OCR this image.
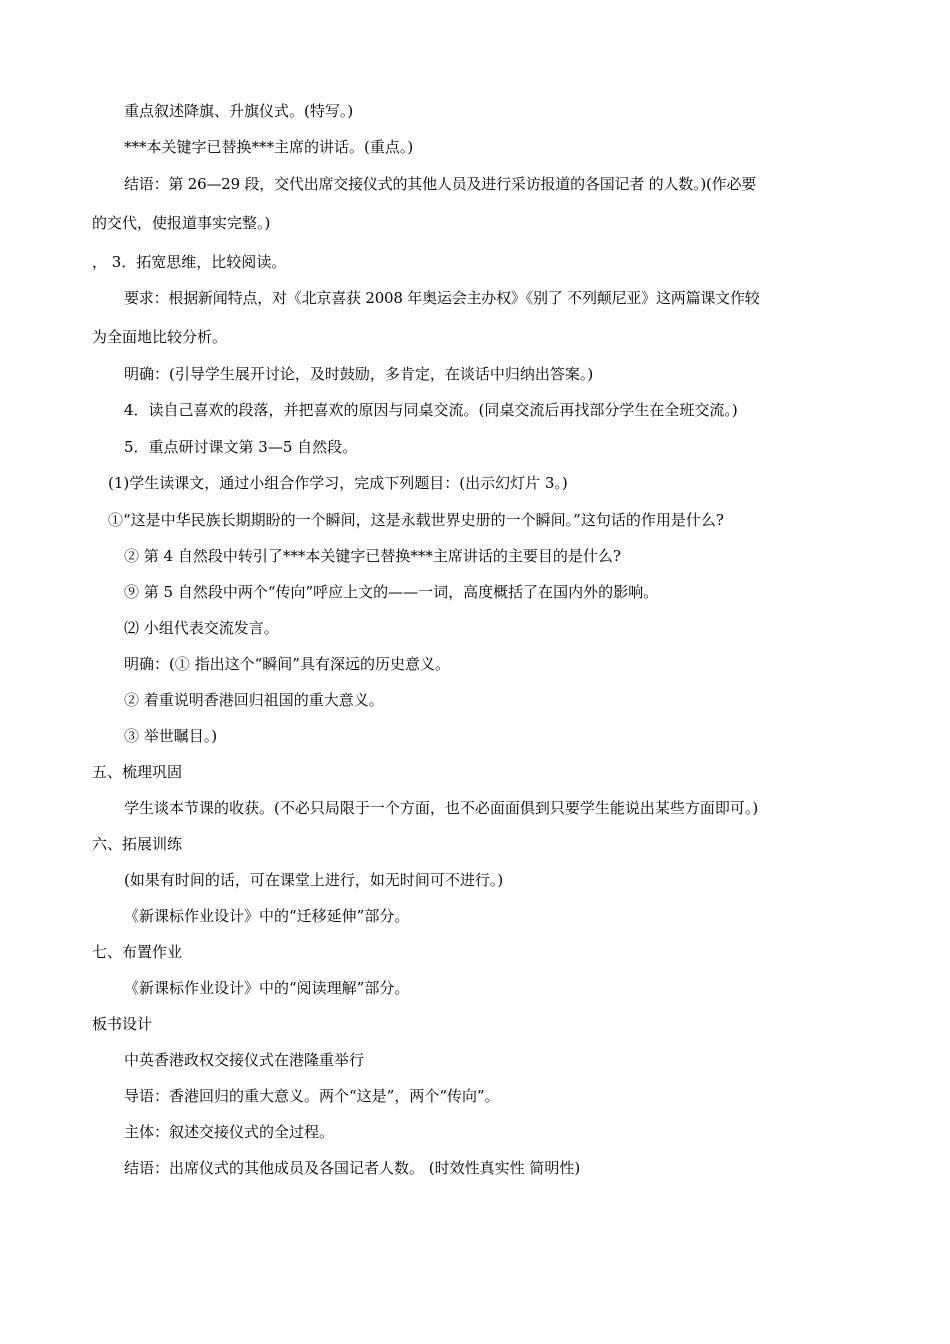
重点叙述降旗、升旗仪式。(特写。)
***本关键字已替换***主席的讲话。(重点。)
结语：第 26—29 段，交代出席交接仪式的其他人员及进行采访报道的各国记者 的人数。)(作必要
的交代，使报道事实完整。)
， 3．拓宽思维，比较阅读。
要求：根据新闻特点，对《北京喜获 2008 年奥运会主办权》《别了 不列颠尼亚》这两篇课文作较
为全面地比较分析。
明确：(引导学生展开讨论，及时鼓励，多肯定，在谈话中归纳出答案。)
4．读自己喜欢的段落，并把喜欢的原因与同桌交流。(同桌交流后再找部分学生在全班交流。)
5．重点研讨课文第 3—5 自然段。
(1)学生读课文，通过小组合作学习，完成下列题目：(出示幻灯片 3。)
①“这是中华民族长期期盼的一个瞬间，这是永载世界史册的一个瞬间。”这句话的作用是什么?
② 第 4 自然段中转引了***本关键字已替换***主席讲话的主要目的是什么?
⑨ 第 5 自然段中两个“传向”呼应上文的——一词，高度概括了在国内外的影响。
⑵ 小组代表交流发言。
明确：(① 指出这个“瞬间”具有深远的历史意义。
② 着重说明香港回归祖国的重大意义。
③ 举世瞩目。)
五、梳理巩固
学生谈本节课的收获。(不必只局限于一个方面，也不必面面俱到只要学生能说出某些方面即可。)
六、拓展训练
(如果有时间的话，可在课堂上进行，如无时间可不进行。)
《新课标作业设计》中的“迁移延伸”部分。
七、布置作业
《新课标作业设计》中的“阅读理解”部分。
板书设计
中英香港政权交接仪式在港隆重举行
导语：香港回归的重大意义。两个“这是”，两个“传向”。
主体：叙述交接仪式的全过程。
结语：出席仪式的其他成员及各国记者人数。 (时效性真实性 简明性)
